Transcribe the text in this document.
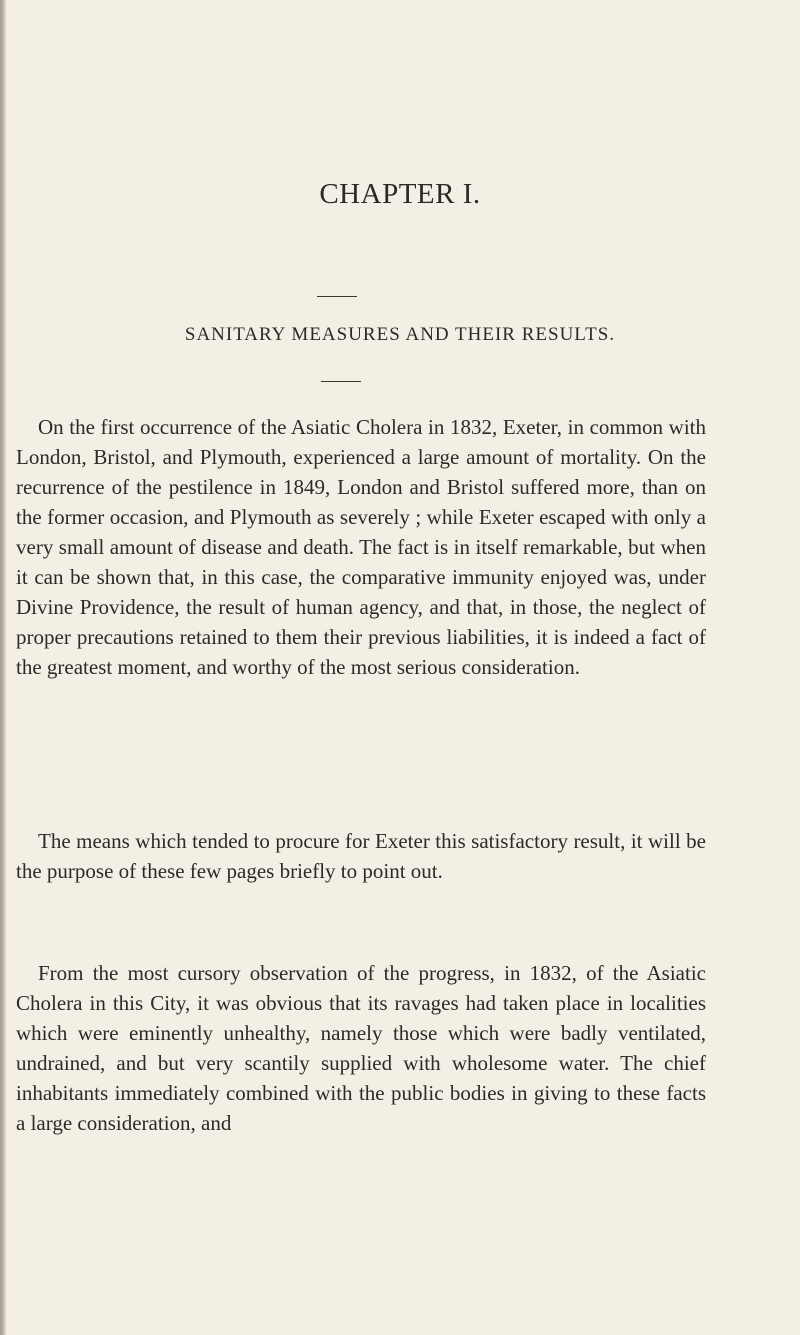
CHAPTER I.
SANITARY MEASURES AND THEIR RESULTS.

On the first occurrence of the Asiatic Cholera in 1832, Exeter, in common with London, Bristol, and Plymouth, experienced a large amount of mortality. On the recurrence of the pestilence in 1849, London and Bristol suffered more, than on the former occasion, and Plymouth as severely ; while Exeter escaped with only a very small amount of disease and death. The fact is in itself remarkable, but when it can be shown that, in this case, the comparative immunity enjoyed was, under Divine Providence, the result of human agency, and that, in those, the neglect of proper precautions retained to them their previous liabilities, it is indeed a fact of the greatest moment, and worthy of the most serious consideration.

The means which tended to procure for Exeter this satisfactory result, it will be the purpose of these few pages briefly to point out.

From the most cursory observation of the progress, in 1832, of the Asiatic Cholera in this City, it was obvious that its ravages had taken place in localities which were eminently unhealthy, namely those which were badly ventilated, undrained, and but very scantily supplied with wholesome water. The chief inhabitants immediately combined with the public bodies in giving to these facts a large consideration, and
